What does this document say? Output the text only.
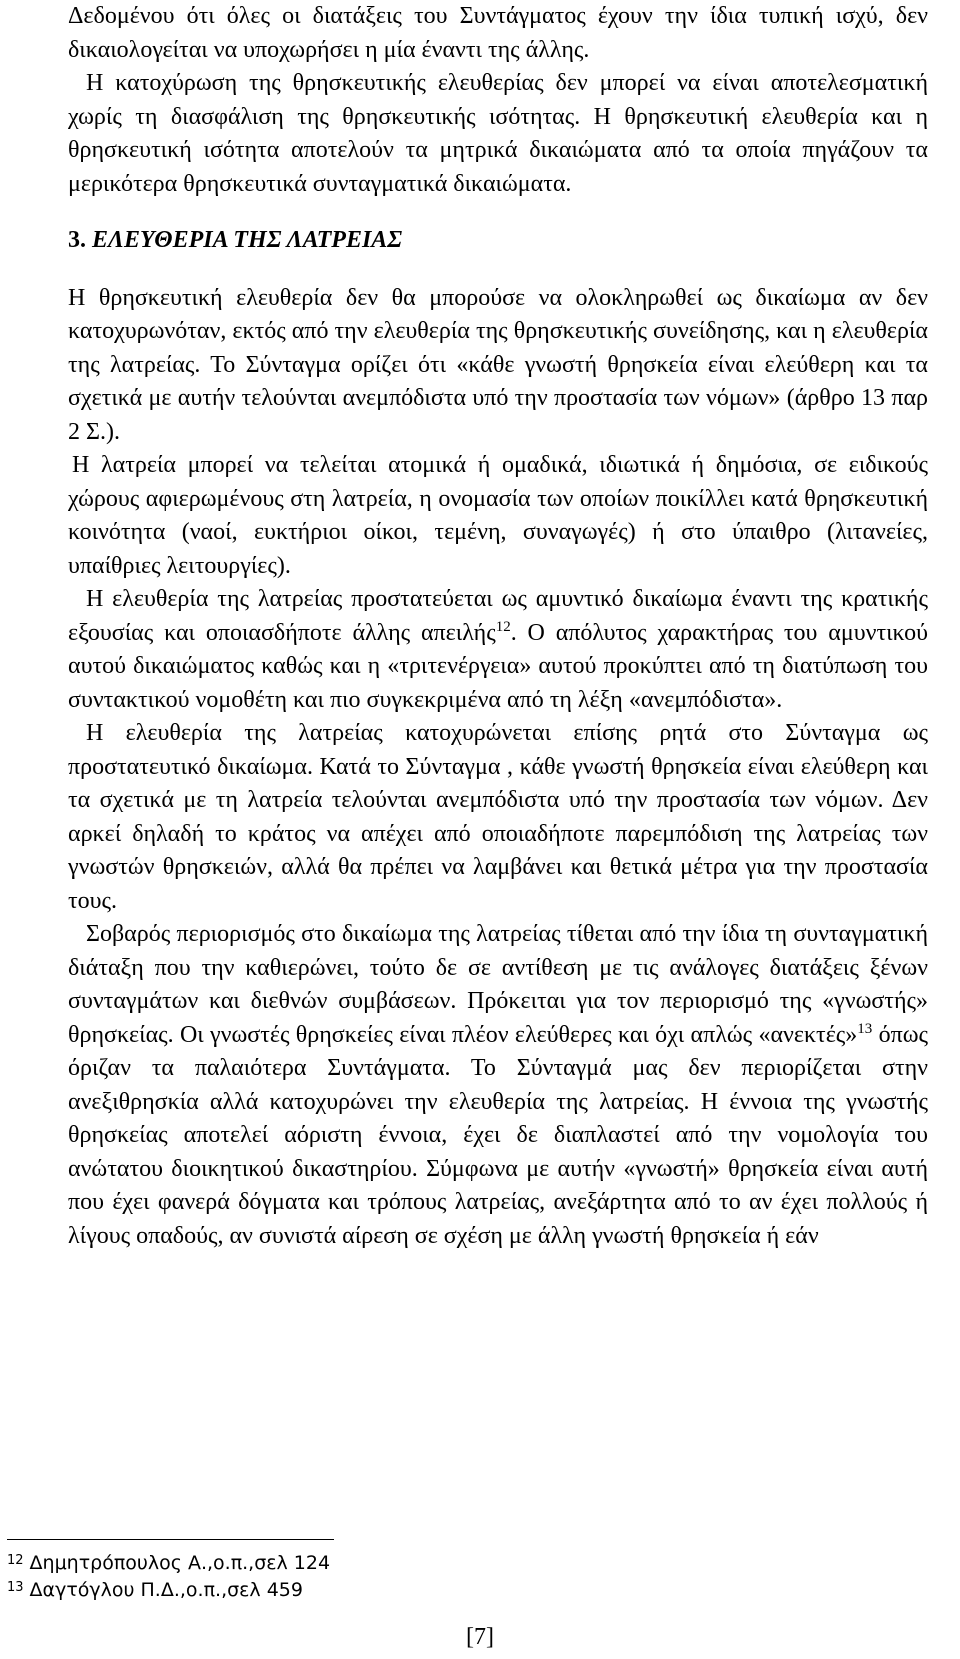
Δεδομένου ότι όλες οι διατάξεις του Συντάγματος έχουν την ίδια τυπική ισχύ, δεν δικαιολογείται να υποχωρήσει η μία έναντι της άλλης.

Η κατοχύρωση της θρησκευτικής ελευθερίας δεν μπορεί να είναι αποτελεσματική χωρίς τη διασφάλιση της θρησκευτικής ισότητας. Η θρησκευτική ελευθερία και η θρησκευτική ισότητα αποτελούν τα μητρικά δικαιώματα από τα οποία πηγάζουν τα μερικότερα θρησκευτικά συνταγματικά δικαιώματα.

3. ΕΛΕΥΘΕΡΙΑ ΤΗΣ ΛΑΤΡΕΙΑΣ

Η θρησκευτική ελευθερία δεν θα μπορούσε να ολοκληρωθεί ως δικαίωμα αν δεν κατοχυρωνόταν, εκτός από την ελευθερία της θρησκευτικής συνείδησης, και η ελευθερία της λατρείας. Το Σύνταγμα ορίζει ότι «κάθε γνωστή θρησκεία είναι ελεύθερη και τα σχετικά με αυτήν τελούνται ανεμπόδιστα υπό την προστασία των νόμων» (άρθρο 13 παρ 2 Σ.).

Η λατρεία μπορεί να τελείται ατομικά ή ομαδικά, ιδιωτικά ή δημόσια, σε ειδικούς χώρους αφιερωμένους στη λατρεία, η ονομασία των οποίων ποικίλλει κατά θρησκευτική κοινότητα (ναοί, ευκτήριοι οίκοι, τεμένη, συναγωγές) ή στο ύπαιθρο (λιτανείες, υπαίθριες λειτουργίες).

Η ελευθερία της λατρείας προστατεύεται ως αμυντικό δικαίωμα έναντι της κρατικής εξουσίας και οποιασδήποτε άλλης απειλής$^{12}$. Ο απόλυτος χαρακτήρας του αμυντικού αυτού δικαιώματος καθώς και η «τριτενέργεια» αυτού προκύπτει από τη διατύπωση του συντακτικού νομοθέτη και πιο συγκεκριμένα από τη λέξη «ανεμπόδιστα».

Η ελευθερία της λατρείας κατοχυρώνεται επίσης ρητά στο Σύνταγμα ως προστατευτικό δικαίωμα. Κατά το Σύνταγμα , κάθε γνωστή θρησκεία είναι ελεύθερη και τα σχετικά με τη λατρεία τελούνται ανεμπόδιστα υπό την προστασία των νόμων. Δεν αρκεί δηλαδή το κράτος να απέχει από οποιαδήποτε παρεμπόδιση της λατρείας των γνωστών θρησκειών, αλλά θα πρέπει να λαμβάνει και θετικά μέτρα για την προστασία τους.

Σοβαρός περιορισμός στο δικαίωμα της λατρείας τίθεται από την ίδια τη συνταγματική διάταξη που την καθιερώνει, τούτο δε σε αντίθεση με τις ανάλογες διατάξεις ξένων συνταγμάτων και διεθνών συμβάσεων. Πρόκειται για τον περιορισμό της «γνωστής» θρησκείας. Οι γνωστές θρησκείες είναι πλέον ελεύθερες και όχι απλώς «ανεκτές»$^{13}$ όπως όριζαν τα παλαιότερα Συντάγματα. Το Σύνταγμά μας δεν περιορίζεται στην ανεξιθρησκία αλλά κατοχυρώνει την ελευθερία της λατρείας. Η έννοια της γνωστής θρησκείας αποτελεί αόριστη έννοια, έχει δε διαπλαστεί από την νομολογία του ανώτατου διοικητικού δικαστηρίου. Σύμφωνα με αυτήν «γνωστή» θρησκεία είναι αυτή που έχει φανερά δόγματα και τρόπους λατρείας, ανεξάρτητα από το αν έχει πολλούς ή λίγους οπαδούς, αν συνιστά αίρεση σε σχέση με άλλη γνωστή θρησκεία ή εάν

$^{12}$ Δημητρόπουλος Α.,ο.π.,σελ 124
$^{13}$ Δαγτόγλου Π.Δ.,ο.π.,σελ 459
[7]
